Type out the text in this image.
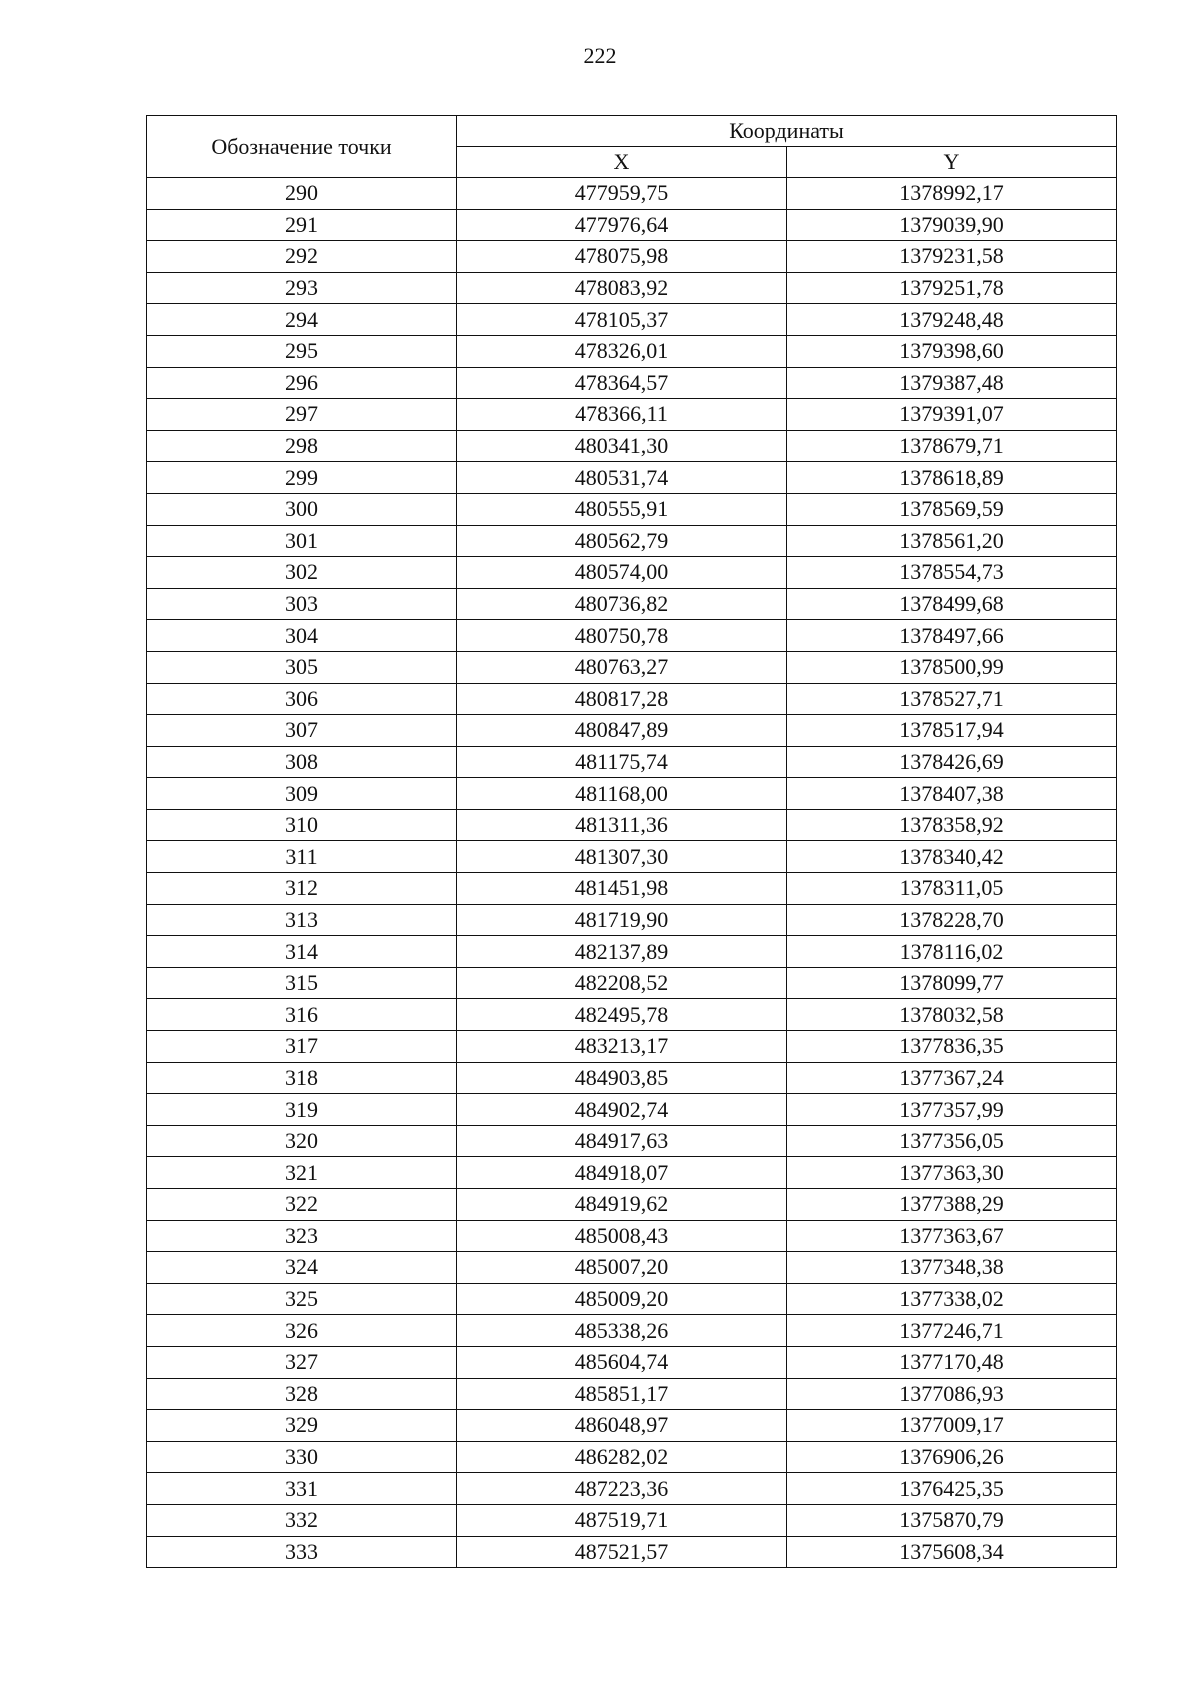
222
Обозначение точки	Координаты	
	X	Y
290	477959,75	1378992,17
291	477976,64	1379039,90
292	478075,98	1379231,58
293	478083,92	1379251,78
294	478105,37	1379248,48
295	478326,01	1379398,60
296	478364,57	1379387,48
297	478366,11	1379391,07
298	480341,30	1378679,71
299	480531,74	1378618,89
300	480555,91	1378569,59
301	480562,79	1378561,20
302	480574,00	1378554,73
303	480736,82	1378499,68
304	480750,78	1378497,66
305	480763,27	1378500,99
306	480817,28	1378527,71
307	480847,89	1378517,94
308	481175,74	1378426,69
309	481168,00	1378407,38
310	481311,36	1378358,92
311	481307,30	1378340,42
312	481451,98	1378311,05
313	481719,90	1378228,70
314	482137,89	1378116,02
315	482208,52	1378099,77
316	482495,78	1378032,58
317	483213,17	1377836,35
318	484903,85	1377367,24
319	484902,74	1377357,99
320	484917,63	1377356,05
321	484918,07	1377363,30
322	484919,62	1377388,29
323	485008,43	1377363,67
324	485007,20	1377348,38
325	485009,20	1377338,02
326	485338,26	1377246,71
327	485604,74	1377170,48
328	485851,17	1377086,93
329	486048,97	1377009,17
330	486282,02	1376906,26
331	487223,36	1376425,35
332	487519,71	1375870,79
333	487521,57	1375608,34
